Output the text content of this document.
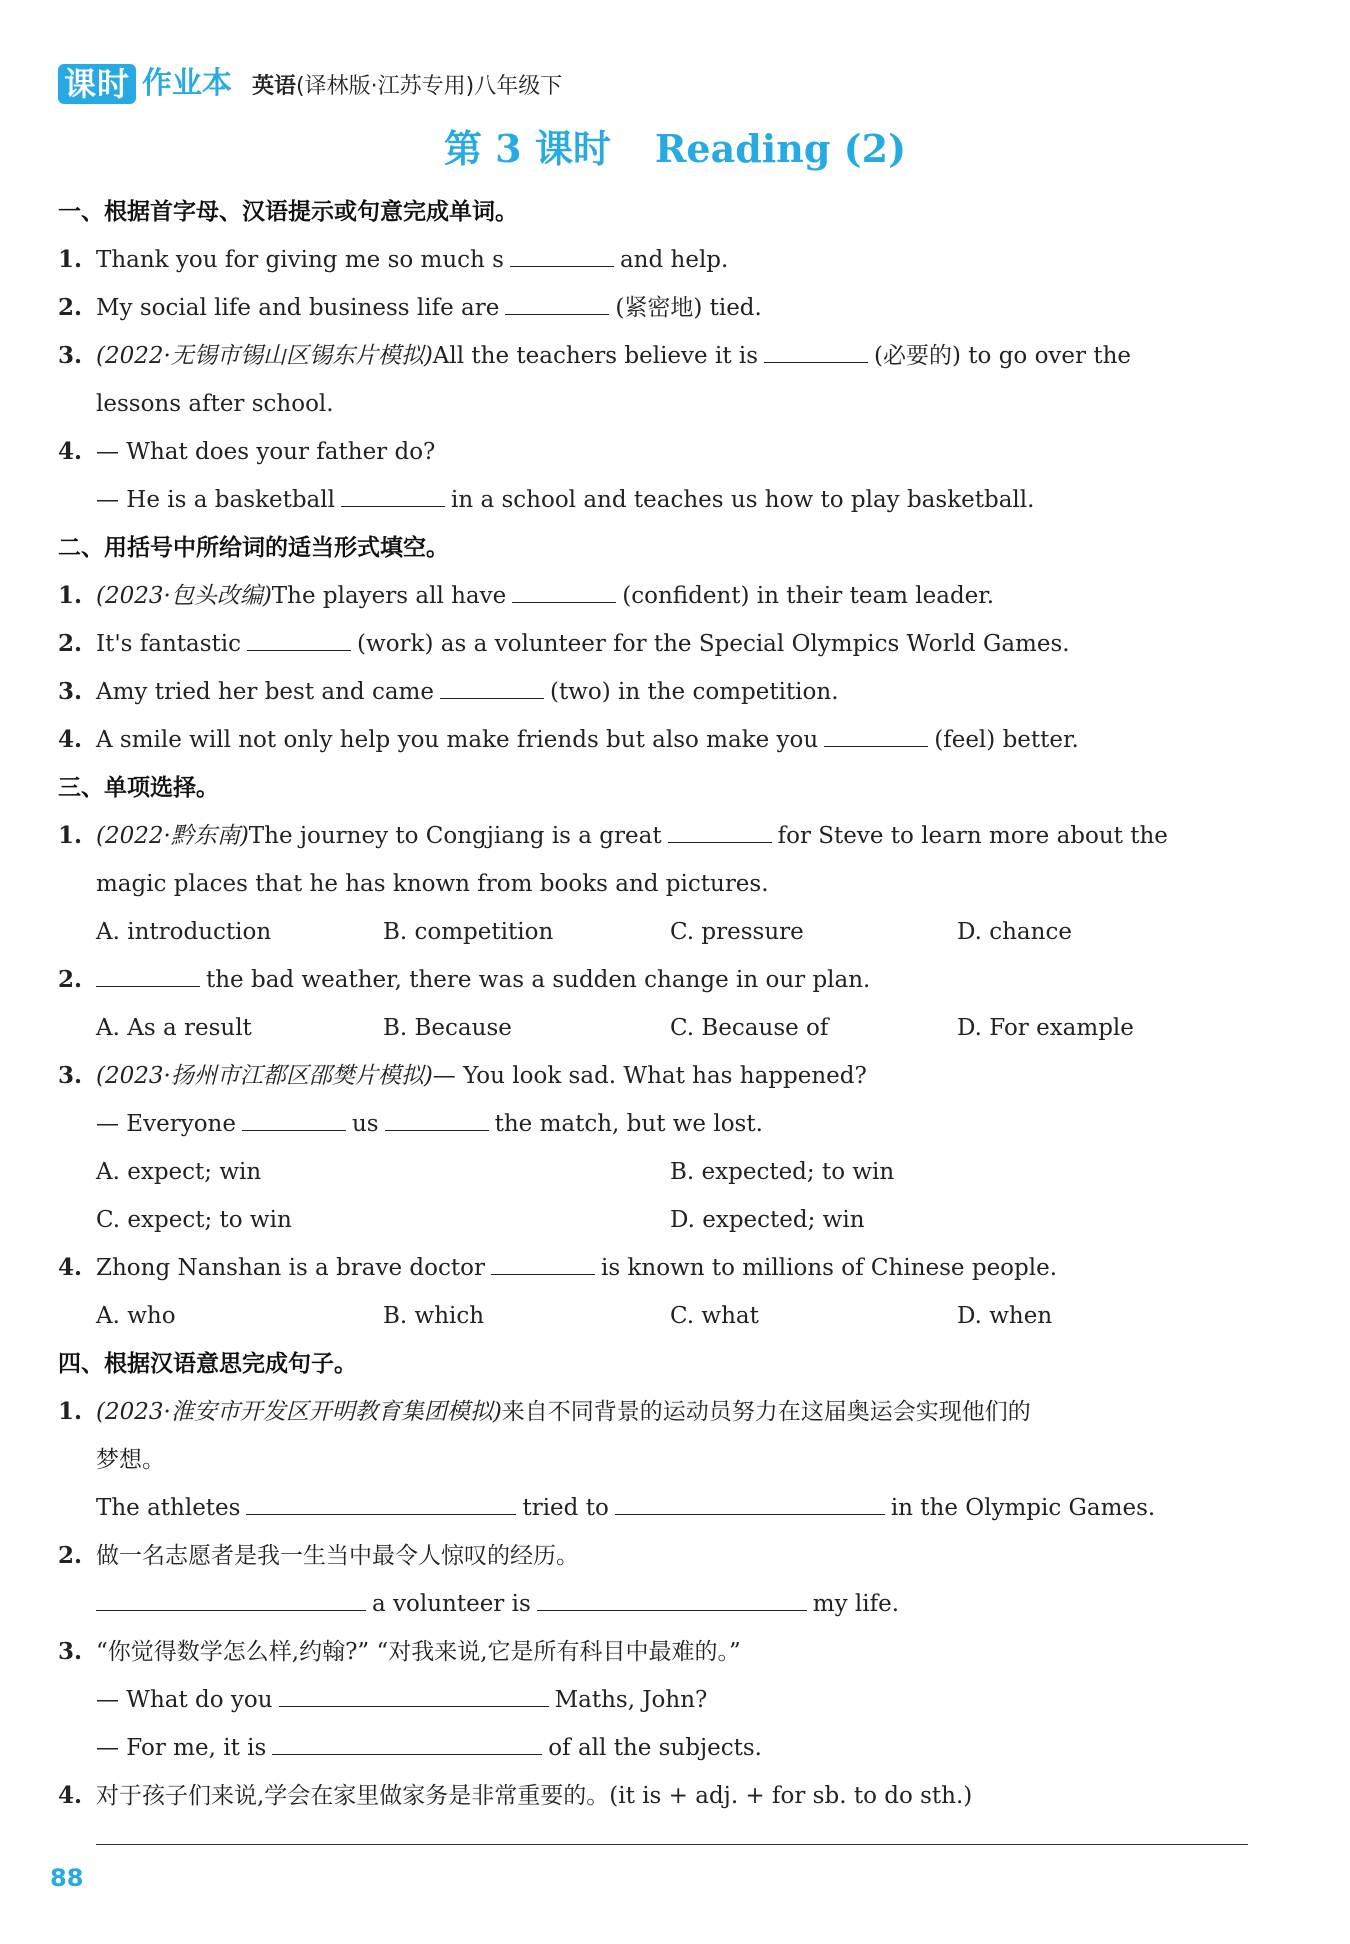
课时 作业本 英语(译林版·江苏专用)八年级下
第 3 课时 Reading (2)
一、根据首字母、汉语提示或句意完成单词。
1. Thank you for giving me so much s	and help.
2. My social life and business life are	(紧密地) tied.
3. (2022·无锡市锡山区锡东片模拟)All the teachers believe it is	(必要的) to go over the
lessons after school.
4. — What does your father do?
— He is a basketball	in a school and teaches us how to play basketball.
二、用括号中所给词的适当形式填空。
1. (2023·包头改编)The players all have	(confident) in their team leader.
2. It's fantastic	(work) as a volunteer for the Special Olympics World Games.
3. Amy tried her best and came	(two) in the competition.
4. A smile will not only help you make friends but also make you	(feel) better.
三、单项选择。
1. (2022·黔东南)The journey to Congjiang is a great	for Steve to learn more about the
magic places that he has known from books and pictures.
A. introduction	B. competition	C. pressure	D. chance
2.	the bad weather, there was a sudden change in our plan.
A. As a result	B. Because	C. Because of	D. For example
3. (2023·扬州市江都区邵樊片模拟)— You look sad. What has happened?
— Everyone	us	the match, but we lost.
A. expect; win	B. expected; to win
C. expect; to win	D. expected; win
4. Zhong Nanshan is a brave doctor	is known to millions of Chinese people.
A. who	B. which	C. what	D. when
四、根据汉语意思完成句子。
1. (2023·淮安市开发区开明教育集团模拟)来自不同背景的运动员努力在这届奥运会实现他们的
梦想。
The athletes	tried to	in the Olympic Games.
2. 做一名志愿者是我一生当中最令人惊叹的经历。
a volunteer is	my life.
3. “你觉得数学怎么样,约翰?” “对我来说,它是所有科目中最难的。”
— What do you	Maths, John?
— For me, it is	of all the subjects.
4. 对于孩子们来说,学会在家里做家务是非常重要的。(it is + adj. + for sb. to do sth.)
88
